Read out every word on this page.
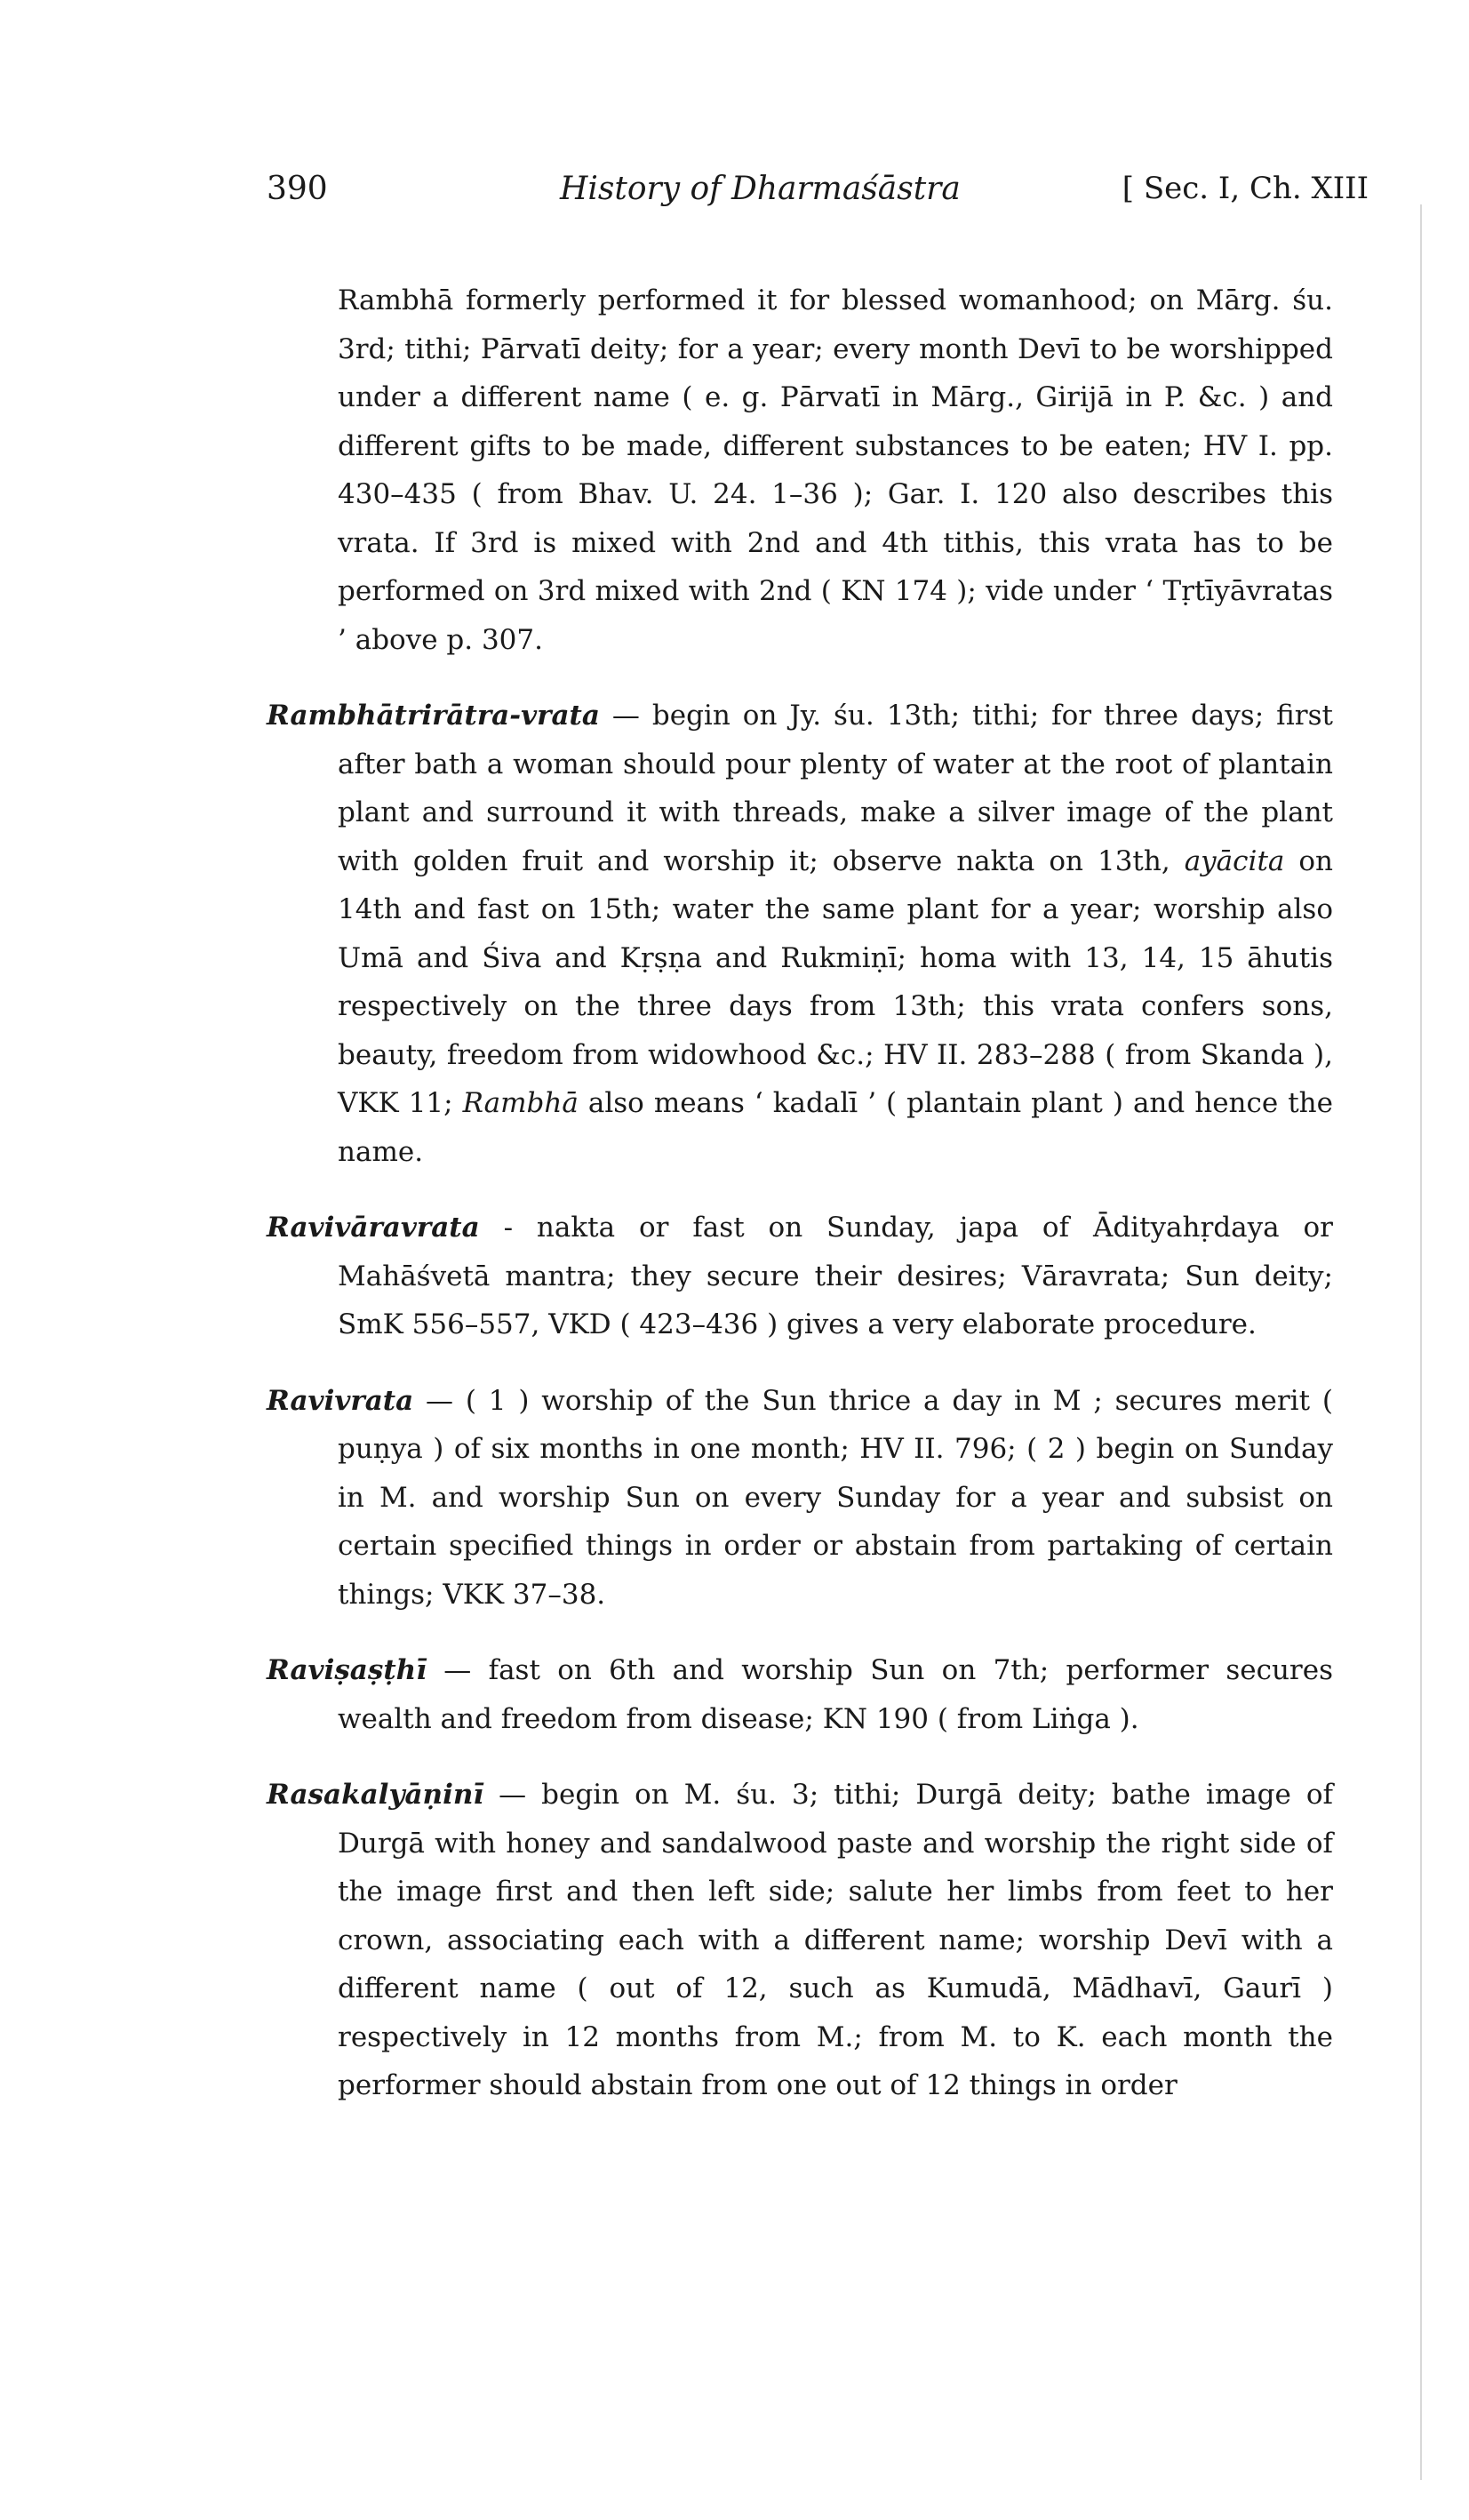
390	History of Dharmaśāstra	[ Sec. I, Ch. XIII

Rambhā formerly performed it for blessed womanhood; on Mārg. śu. 3rd; tithi; Pārvatī deity; for a year; every month Devī to be worshipped under a different name ( e. g. Pārvatī in Mārg., Girijā in P. &c. ) and different gifts to be made, different substances to be eaten; HV I. pp. 430–435 ( from Bhav. U. 24. 1–36 ); Gar. I. 120 also describes this vrata. If 3rd is mixed with 2nd and 4th tithis, this vrata has to be performed on 3rd mixed with 2nd ( KN 174 ); vide under ‘ Tṛtīyāvratas ’ above p. 307.

Rambhātrirātra-vrata — begin on Jy. śu. 13th; tithi; for three days; first after bath a woman should pour plenty of water at the root of plantain plant and surround it with threads, make a silver image of the plant with golden fruit and worship it; observe nakta on 13th, ayācita on 14th and fast on 15th; water the same plant for a year; worship also Umā and Śiva and Kṛṣṇa and Rukmiṇī; homa with 13, 14, 15 āhutis respectively on the three days from 13th; this vrata confers sons, beauty, freedom from widowhood &c.; HV II. 283–288 ( from Skanda ), VKK 11; Rambhā also means ‘ kadalī ’ ( plantain plant ) and hence the name.

Ravivāravrata - nakta or fast on Sunday, japa of Ādityahṛdaya or Mahāśvetā mantra; they secure their desires; Vāravrata; Sun deity; SmK 556–557, VKD ( 423–436 ) gives a very elaborate procedure.

Ravivrata — ( 1 ) worship of the Sun thrice a day in M ; secures merit ( puṇya ) of six months in one month; HV II. 796; ( 2 ) begin on Sunday in M. and worship Sun on every Sunday for a year and subsist on certain specified things in order or abstain from partaking of certain things; VKK 37–38.

Raviṣaṣṭhī — fast on 6th and worship Sun on 7th; performer secures wealth and freedom from disease; KN 190 ( from Liṅga ).

Rasakalyāṇinī — begin on M. śu. 3; tithi; Durgā deity; bathe image of Durgā with honey and sandalwood paste and worship the right side of the image first and then left side; salute her limbs from feet to her crown, associating each with a different name; worship Devī with a different name ( out of 12, such as Kumudā, Mādhavī, Gaurī ) respectively in 12 months from M.; from M. to K. each month the performer should abstain from one out of 12 things in order
